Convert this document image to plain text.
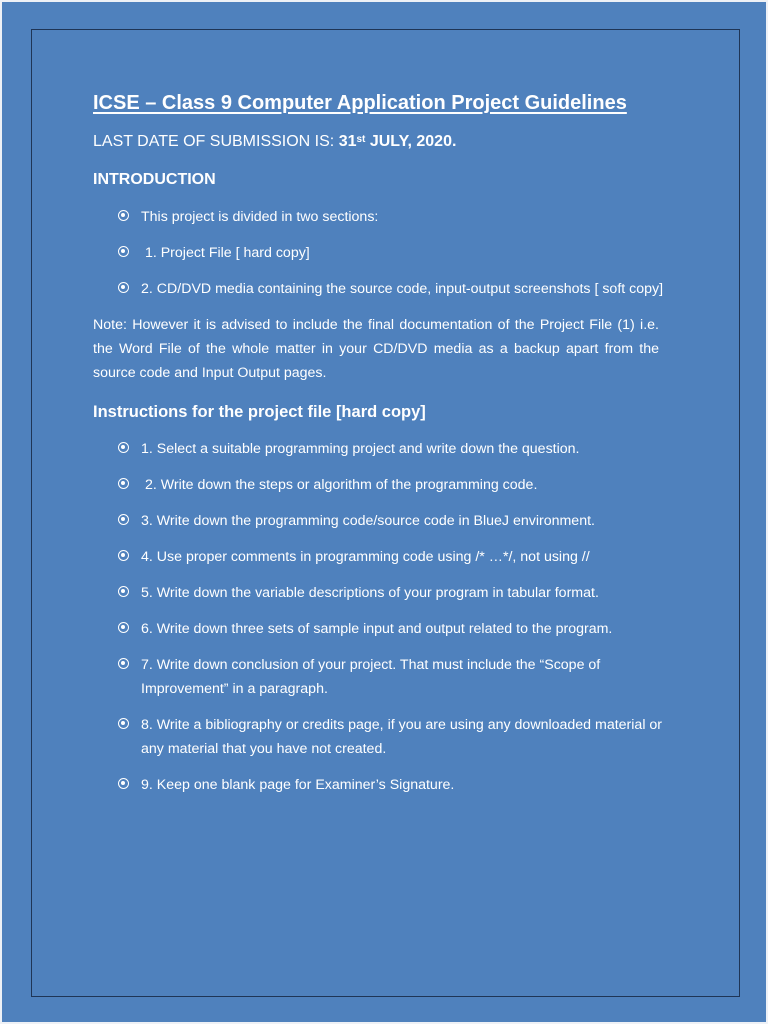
ICSE – Class 9 Computer Application Project Guidelines
LAST DATE OF SUBMISSION IS: 31st JULY, 2020.
INTRODUCTION
This project is divided in two sections:
1. Project File [ hard copy]
2. CD/DVD media containing the source code, input-output screenshots [ soft copy]

Note: However it is advised to include the final documentation of the Project File (1) i.e. the Word File of the whole matter in your CD/DVD media as a backup apart from the source code and Input Output pages.

Instructions for the project file [hard copy]
1. Select a suitable programming project and write down the question.
2. Write down the steps or algorithm of the programming code.
3. Write down the programming code/source code in BlueJ environment.
4. Use proper comments in programming code using /* …*/, not using //
5. Write down the variable descriptions of your program in tabular format.
6. Write down three sets of sample input and output related to the program.
7. Write down conclusion of your project. That must include the “Scope of Improvement” in a paragraph.
8. Write a bibliography or credits page, if you are using any downloaded material or any material that you have not created.
9. Keep one blank page for Examiner’s Signature.
